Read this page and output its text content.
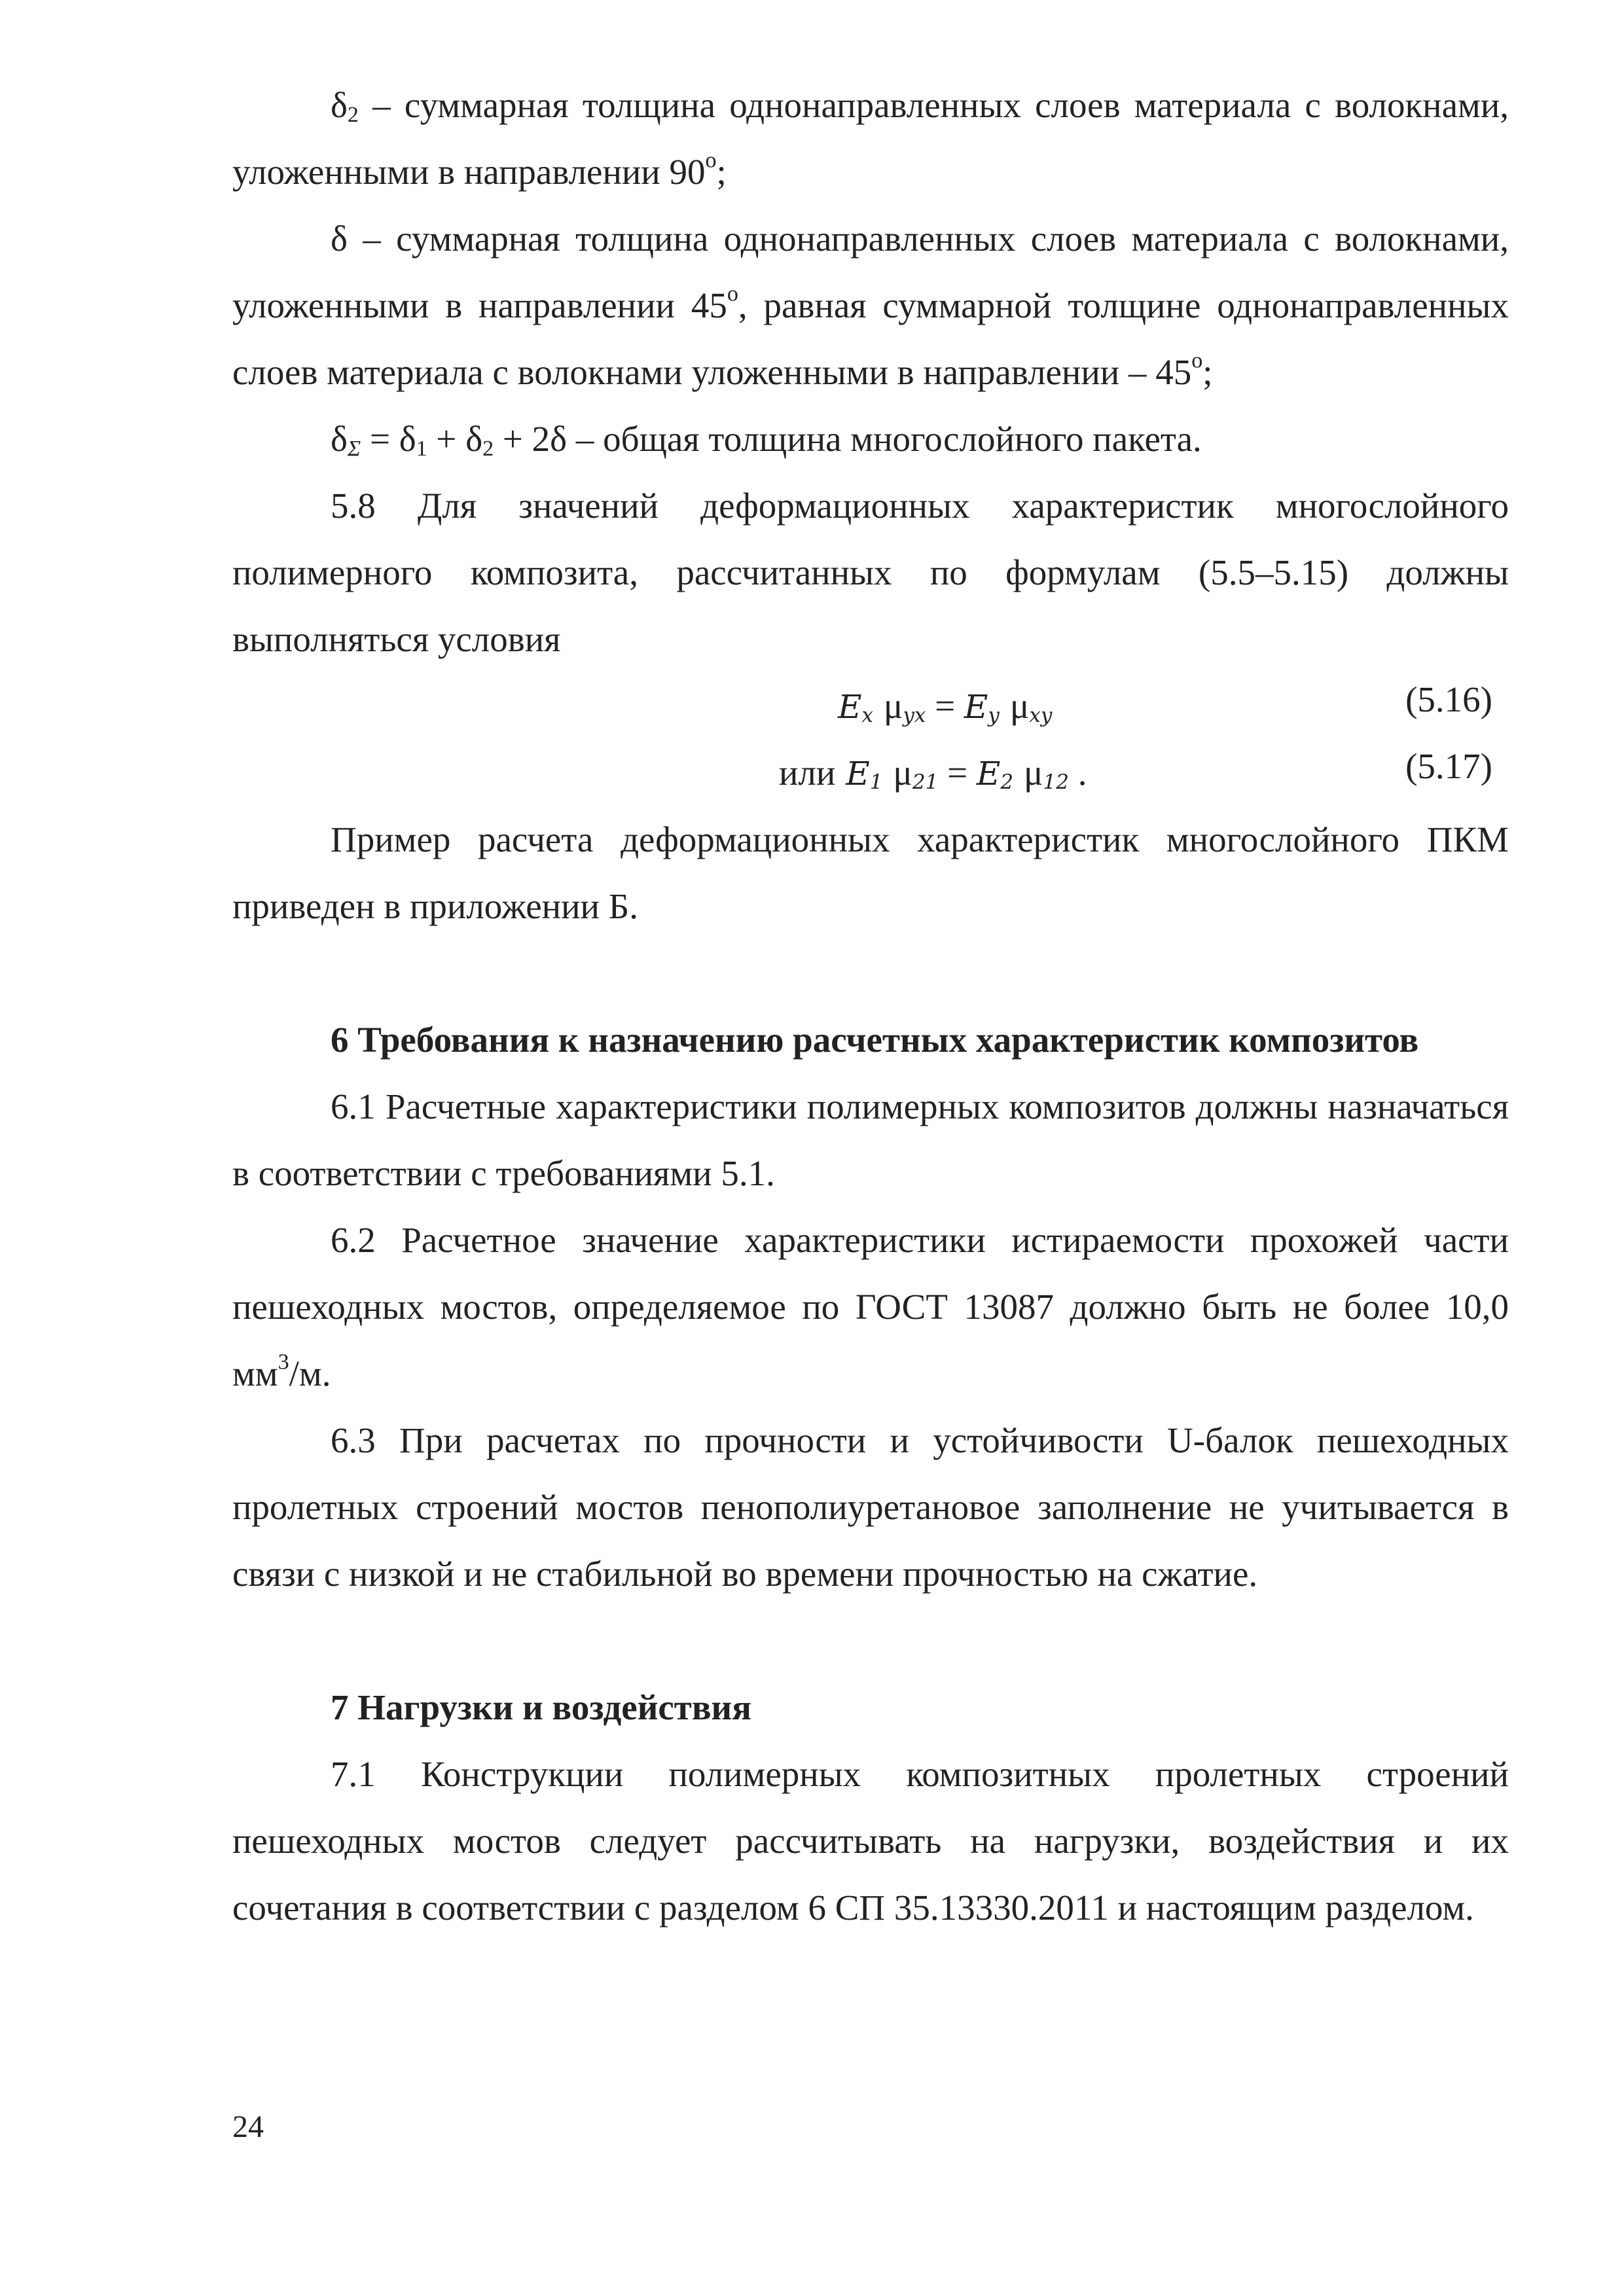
$\delta_2$ – суммарная толщина однонаправленных слоев материала с волокнами, уложенными в направлении 90$^o$;

δ – суммарная толщина однонаправленных слоев материала с волокнами, уложенными в направлении 45$^o$, равная суммарной толщине однонаправленных слоев материала с волокнами уложенными в направлении – 45$^o$;

$\delta_\Sigma = \delta_1 + \delta_2 + 2\delta$ – общая толщина многослойного пакета.

5.8 Для значений деформационных характеристик многослойного полимерного композита, рассчитанных по формулам (5.5–5.15) должны выполняться условия

$E_x$ $\mu_{yx} = E_y$ $\mu_{xy}$	(5.16)
или $E_1$ $\mu_{21} = E_2$ $\mu_{12}$ .	(5.17)

Пример расчета деформационных характеристик многослойного ПКМ приведен в приложении Б.

6 Требования к назначению расчетных характеристик композитов

6.1 Расчетные характеристики полимерных композитов должны назначаться в соответствии с требованиями 5.1.

6.2 Расчетное значение характеристики истираемости прохожей части пешеходных мостов, определяемое по ГОСТ 13087 должно быть не более 10,0 $мм^3/м$.

6.3 При расчетах по прочности и устойчивости U-балок пешеходных пролетных строений мостов пенополиуретановое заполнение не учитывается в связи с низкой и не стабильной во времени прочностью на сжатие.

7 Нагрузки и воздействия

7.1 Конструкции полимерных композитных пролетных строений пешеходных мостов следует рассчитывать на нагрузки, воздействия и их сочетания в соответствии с разделом 6 СП 35.13330.2011 и настоящим разделом.

24
